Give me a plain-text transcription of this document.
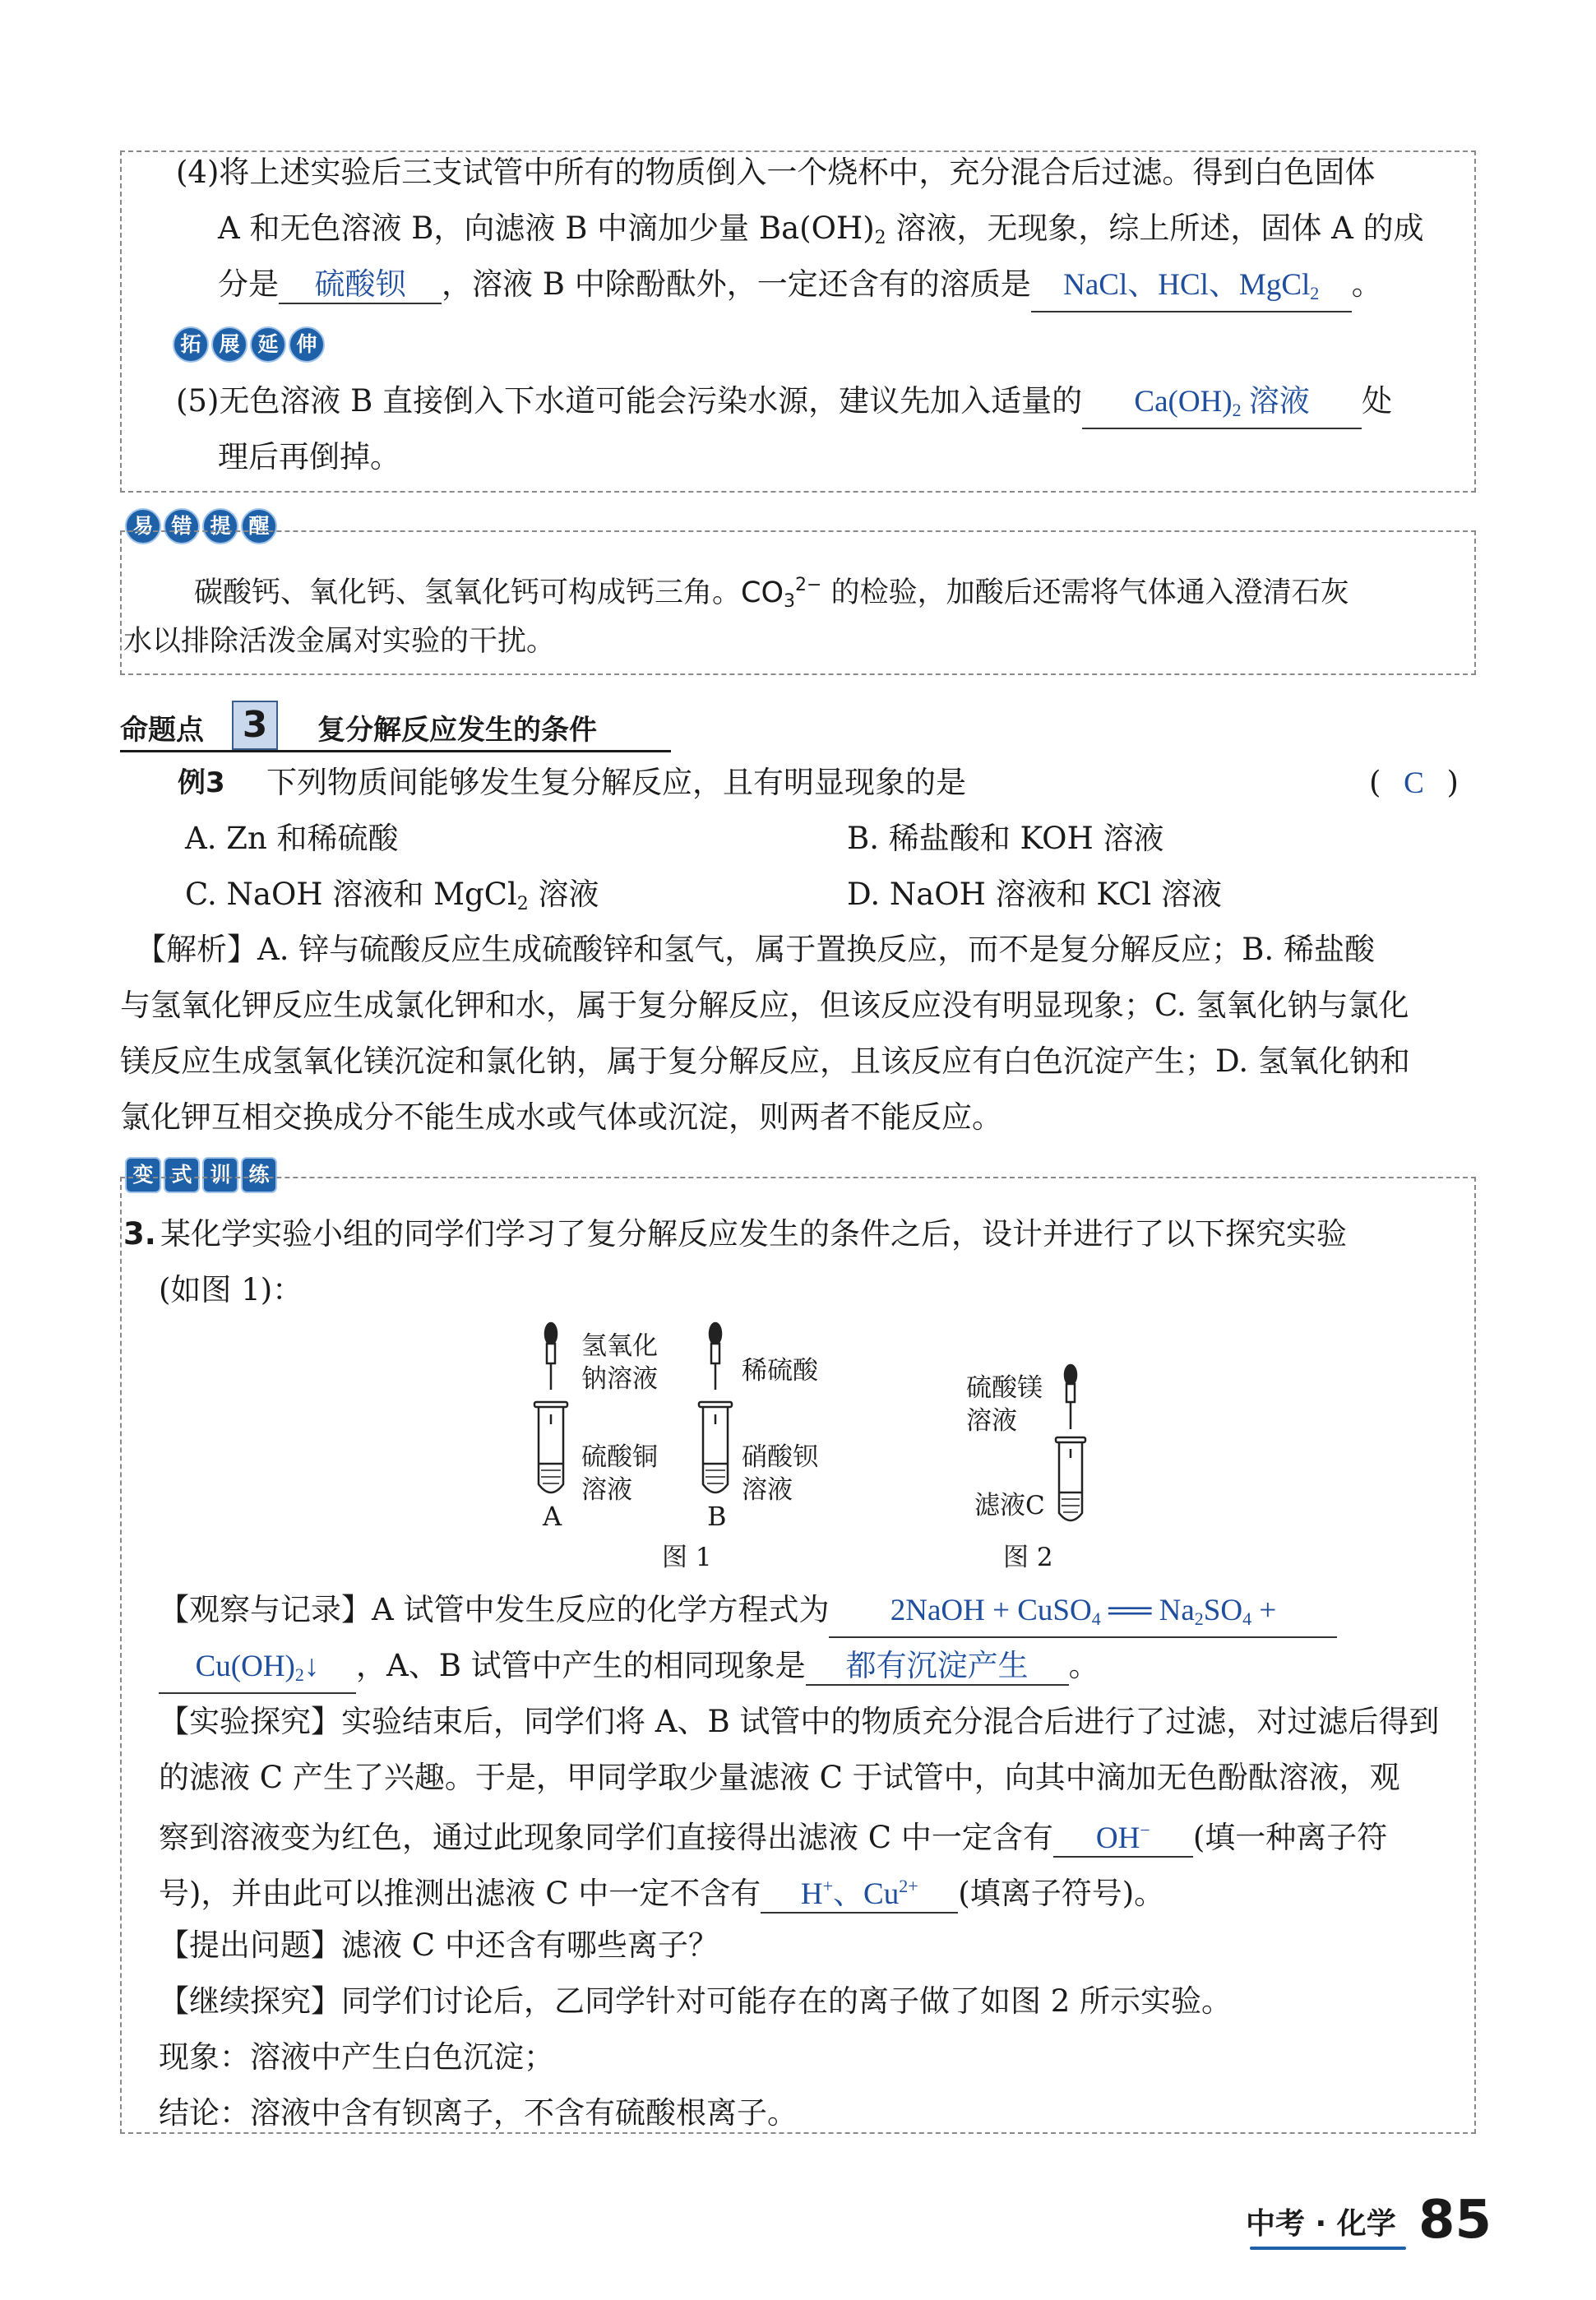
(4)将上述实验后三支试管中所有的物质倒入一个烧杯中，充分混合后过滤。得到白色固体
A 和无色溶液 B，向滤液 B 中滴加少量 $Ba(OH)_2$ 溶液，无现象，综上所述，固体 A 的成
分是 硫酸钡 ，溶液 B 中除酚酞外，一定还含有的溶质是 NaCl、HCl、MgCl$_2$ 。
拓 展 延 伸
(5)无色溶液 B 直接倒入下水道可能会污染水源，建议先加入适量的 $Ca(OH)_2$ 溶液 处
理后再倒掉。
易 错 提 醒
碳酸钙、氧化钙、氢氧化钙可构成钙三角。$CO_3^{2-}$ 的检验，加酸后还需将气体通入澄清石灰
水以排除活泼金属对实验的干扰。
命题点 3	复分解反应发生的条件
例3 下列物质间能够发生复分解反应，且有明显现象的是	( C )
A. Zn 和稀硫酸	B. 稀盐酸和 KOH 溶液
C. NaOH 溶液和 MgCl$_2$ 溶液	D. NaOH 溶液和 KCl 溶液
【解析】A. 锌与硫酸反应生成硫酸锌和氢气，属于置换反应，而不是复分解反应；B. 稀盐酸
与氢氧化钾反应生成氯化钾和水，属于复分解反应，但该反应没有明显现象；C. 氢氧化钠与氯化
镁反应生成氢氧化镁沉淀和氯化钠，属于复分解反应，且该反应有白色沉淀产生；D. 氢氧化钠和
氯化钾互相交换成分不能生成水或气体或沉淀，则两者不能反应。
变 式 训 练
3. 某化学实验小组的同学们学习了复分解反应发生的条件之后，设计并进行了以下探究实验
(如图 1)：
氢氧化
钠溶液
硫酸铜
溶液
A
稀硫酸
硝酸钡
溶液
B
图 1
硫酸镁
溶液
滤液C
图 2
【观察与记录】A 试管中发生反应的化学方程式为 2NaOH + CuSO$_4$ ══ $Na_2SO_4$ +
$Cu(OH)_2↓$ ，A、B 试管中产生的相同现象是 都有沉淀产生 。
【实验探究】实验结束后，同学们将 A、B 试管中的物质充分混合后进行了过滤，对过滤后得到
的滤液 C 产生了兴趣。于是，甲同学取少量滤液 C 于试管中，向其中滴加无色酚酞溶液，观
察到溶液变为红色，通过此现象同学们直接得出滤液 C 中一定含有 OH− (填一种离子符
号)，并由此可以推测出滤液 C 中一定不含有 H+、$Cu^{2+}$ (填离子符号)。
【提出问题】滤液 C 中还含有哪些离子？
【继续探究】同学们讨论后，乙同学针对可能存在的离子做了如图 2 所示实验。
现象：溶液中产生白色沉淀；
结论：溶液中含有钡离子，不含有硫酸根离子。
中考 · 化学 85
